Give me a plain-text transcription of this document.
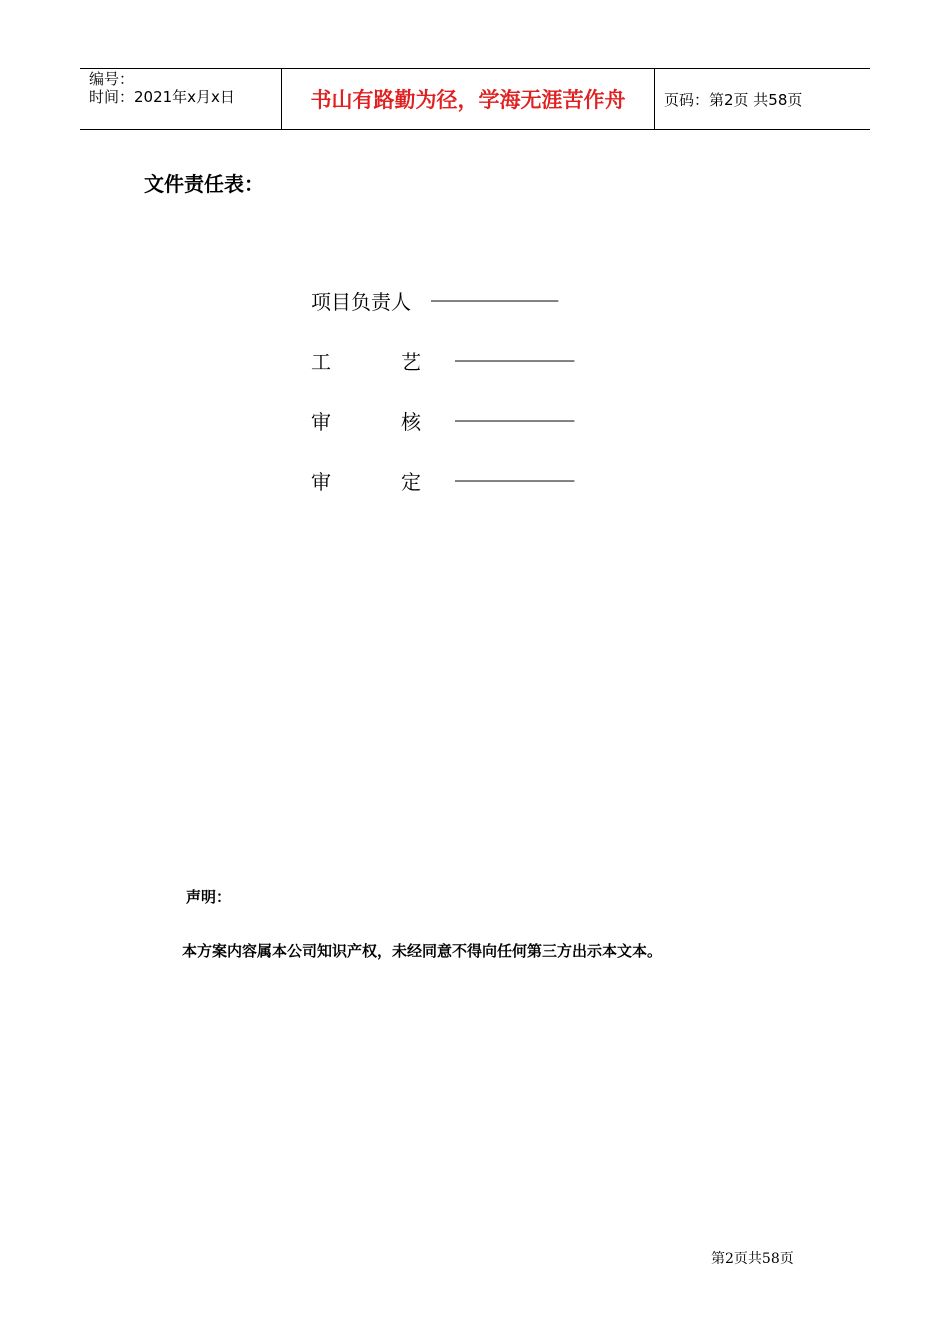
编号：
时间：2021年x月x日	书山有路勤为径，学海无涯苦作舟	页码：第2页 共58页
文件责任表：
项目负责人 ————————————————
工	艺 ———————————————
审	核 ———————————————
审	定 ———————————————
声明：
本方案内容属本公司知识产权，未经同意不得向任何第三方出示本文本。
第2页共58页
